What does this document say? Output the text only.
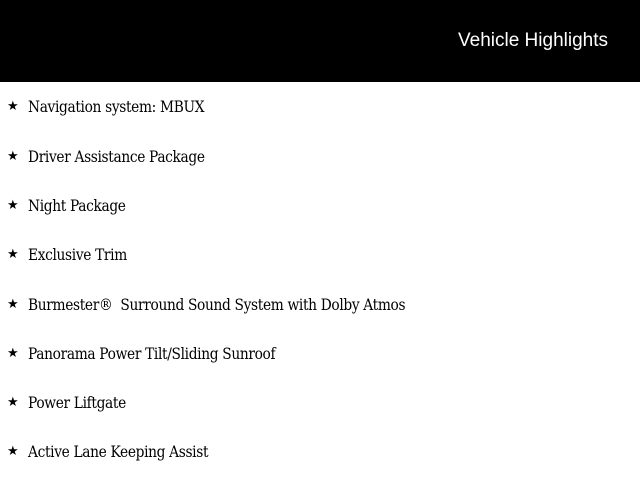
Vehicle Highlights
★ Navigation system: MBUX
★ Driver Assistance Package
★ Night Package
★ Exclusive Trim
★ Burmester®  Surround Sound System with Dolby Atmos
★ Panorama Power Tilt/Sliding Sunroof
★ Power Liftgate
★ Active Lane Keeping Assist
